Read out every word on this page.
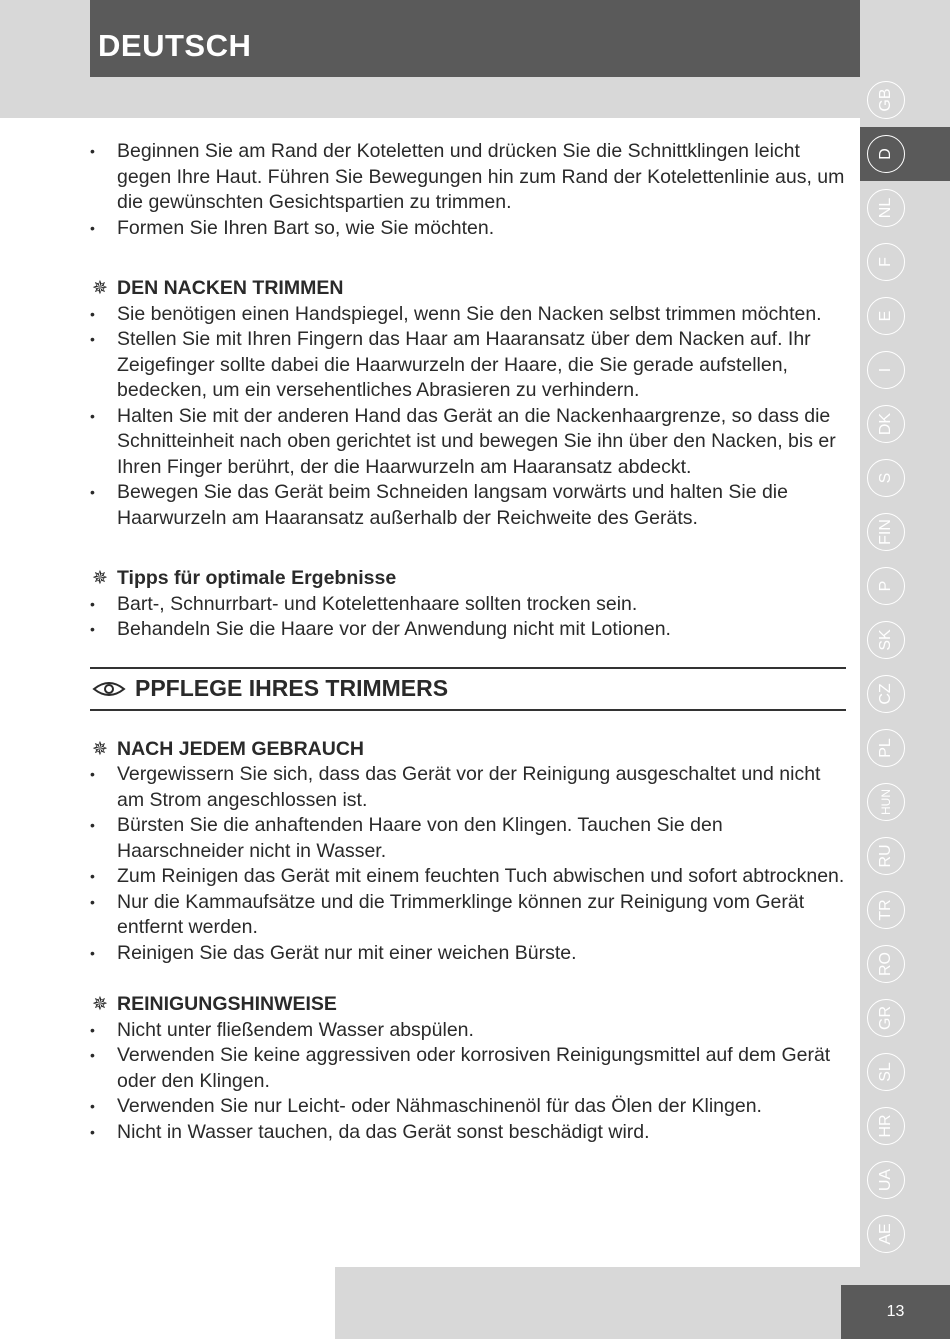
DEUTSCH
GB
D
NL
F
E
I
DK
S
FIN
P
SK
CZ
PL
HUN
RU
TR
RO
GR
SL
HR
UA
AE
• Beginnen Sie am Rand der Koteletten und drücken Sie die Schnittklingen leicht gegen Ihre Haut. Führen Sie Bewegungen hin zum Rand der Kotelettenlinie aus, um die gewünschten Gesichtspartien zu trimmen.
• Formen Sie Ihren Bart so, wie Sie möchten.
✵ DEN NACKEN TRIMMEN
• Sie benötigen einen Handspiegel, wenn Sie den Nacken selbst trimmen möchten.
• Stellen Sie mit Ihren Fingern das Haar am Haaransatz über dem Nacken auf. Ihr Zeigefinger sollte dabei die Haarwurzeln der Haare, die Sie gerade aufstellen, bedecken, um ein versehentliches Abrasieren zu verhindern.
• Halten Sie mit der anderen Hand das Gerät an die Nackenhaargrenze, so dass die Schnitteinheit nach oben gerichtet ist und bewegen Sie ihn über den Nacken, bis er Ihren Finger berührt, der die Haarwurzeln am Haaransatz abdeckt.
• Bewegen Sie das Gerät beim Schneiden langsam vorwärts und halten Sie die Haarwurzeln am Haaransatz außerhalb der Reichweite des Geräts.
✵ Tipps für optimale Ergebnisse
• Bart-, Schnurrbart- und Kotelettenhaare sollten trocken sein.
• Behandeln Sie die Haare vor der Anwendung nicht mit Lotionen.
PPFLEGE IHRES TRIMMERS
✵ NACH JEDEM GEBRAUCH
• Vergewissern Sie sich, dass das Gerät vor der Reinigung ausgeschaltet und nicht am Strom angeschlossen ist.
• Bürsten Sie die anhaftenden Haare von den Klingen. Tauchen Sie den Haarschneider nicht in Wasser.
• Zum Reinigen das Gerät mit einem feuchten Tuch abwischen und sofort abtrocknen.
• Nur die Kammaufsätze und die Trimmerklinge können zur Reinigung vom Gerät entfernt werden.
• Reinigen Sie das Gerät nur mit einer weichen Bürste.
✵ REINIGUNGSHINWEISE
• Nicht unter fließendem Wasser abspülen.
• Verwenden Sie keine aggressiven oder korrosiven Reinigungsmittel auf dem Gerät oder den Klingen.
• Verwenden Sie nur Leicht- oder Nähmaschinenöl für das Ölen der Klingen.
• Nicht in Wasser tauchen, da das Gerät sonst beschädigt wird.
13
